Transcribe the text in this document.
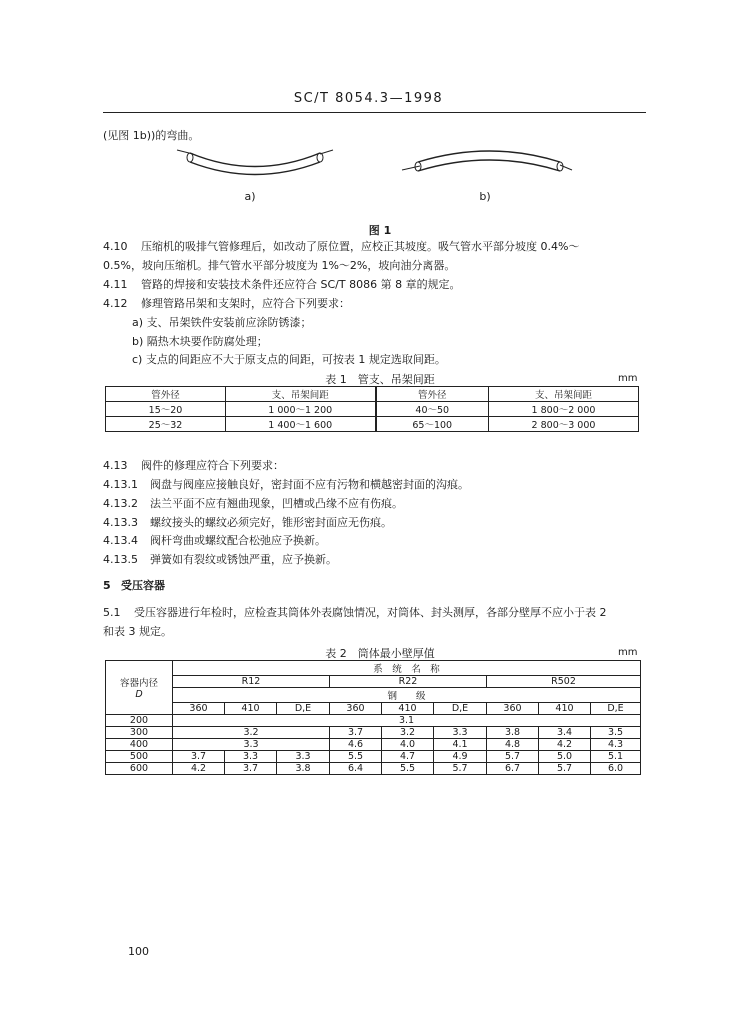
SC/T 8054.3—1998
(见图 1b))的弯曲。
a)	b)
图 1
4.10 压缩机的吸排气管修理后，如改动了原位置，应校正其坡度。吸气管水平部分坡度 0.4%～
0.5%，坡向压缩机。排气管水平部分坡度为 1%～2%，坡向油分离器。
4.11 管路的焊接和安装技术条件还应符合 SC/T 8086 第 8 章的规定。
4.12 修理管路吊架和支架时，应符合下列要求：
a) 支、吊架铁件安装前应涂防锈漆；
b) 隔热木块要作防腐处理；
c) 支点的间距应不大于原支点的间距，可按表 1 规定选取间距。
表 1　管支、吊架间距	mm
管外径	支、吊架间距	管外径	支、吊架间距
15～20	1 000～1 200	40～50	1 800～2 000
25～32	1 400～1 600	65～100	2 800～3 000
4.13 阀件的修理应符合下列要求：
4.13.1 阀盘与阀座应接触良好，密封面不应有污物和横越密封面的沟痕。
4.13.2 法兰平面不应有翘曲现象，凹槽或凸缘不应有伤痕。
4.13.3 螺纹接头的螺纹必须完好，锥形密封面应无伤痕。
4.13.4 阀杆弯曲或螺纹配合松弛应予换新。
4.13.5 弹簧如有裂纹或锈蚀严重，应予换新。
5 受压容器
5.1 受压容器进行年检时，应检查其筒体外表腐蚀情况，对筒体、封头测厚，各部分壁厚不应小于表 2
和表 3 规定。
表 2　筒体最小壁厚值	mm
容器内径
D	系　统　名　称								
	R12			R22			R502		
	钢　　级								
	360	410	D,E	360	410	D,E	360	410	D,E
200	3.1								
300	3.2			3.7	3.2	3.3	3.8	3.4	3.5
400	3.3			4.6	4.0	4.1	4.8	4.2	4.3
500	3.7	3.3	3.3	5.5	4.7	4.9	5.7	5.0	5.1
600	4.2	3.7	3.8	6.4	5.5	5.7	6.7	5.7	6.0
100
